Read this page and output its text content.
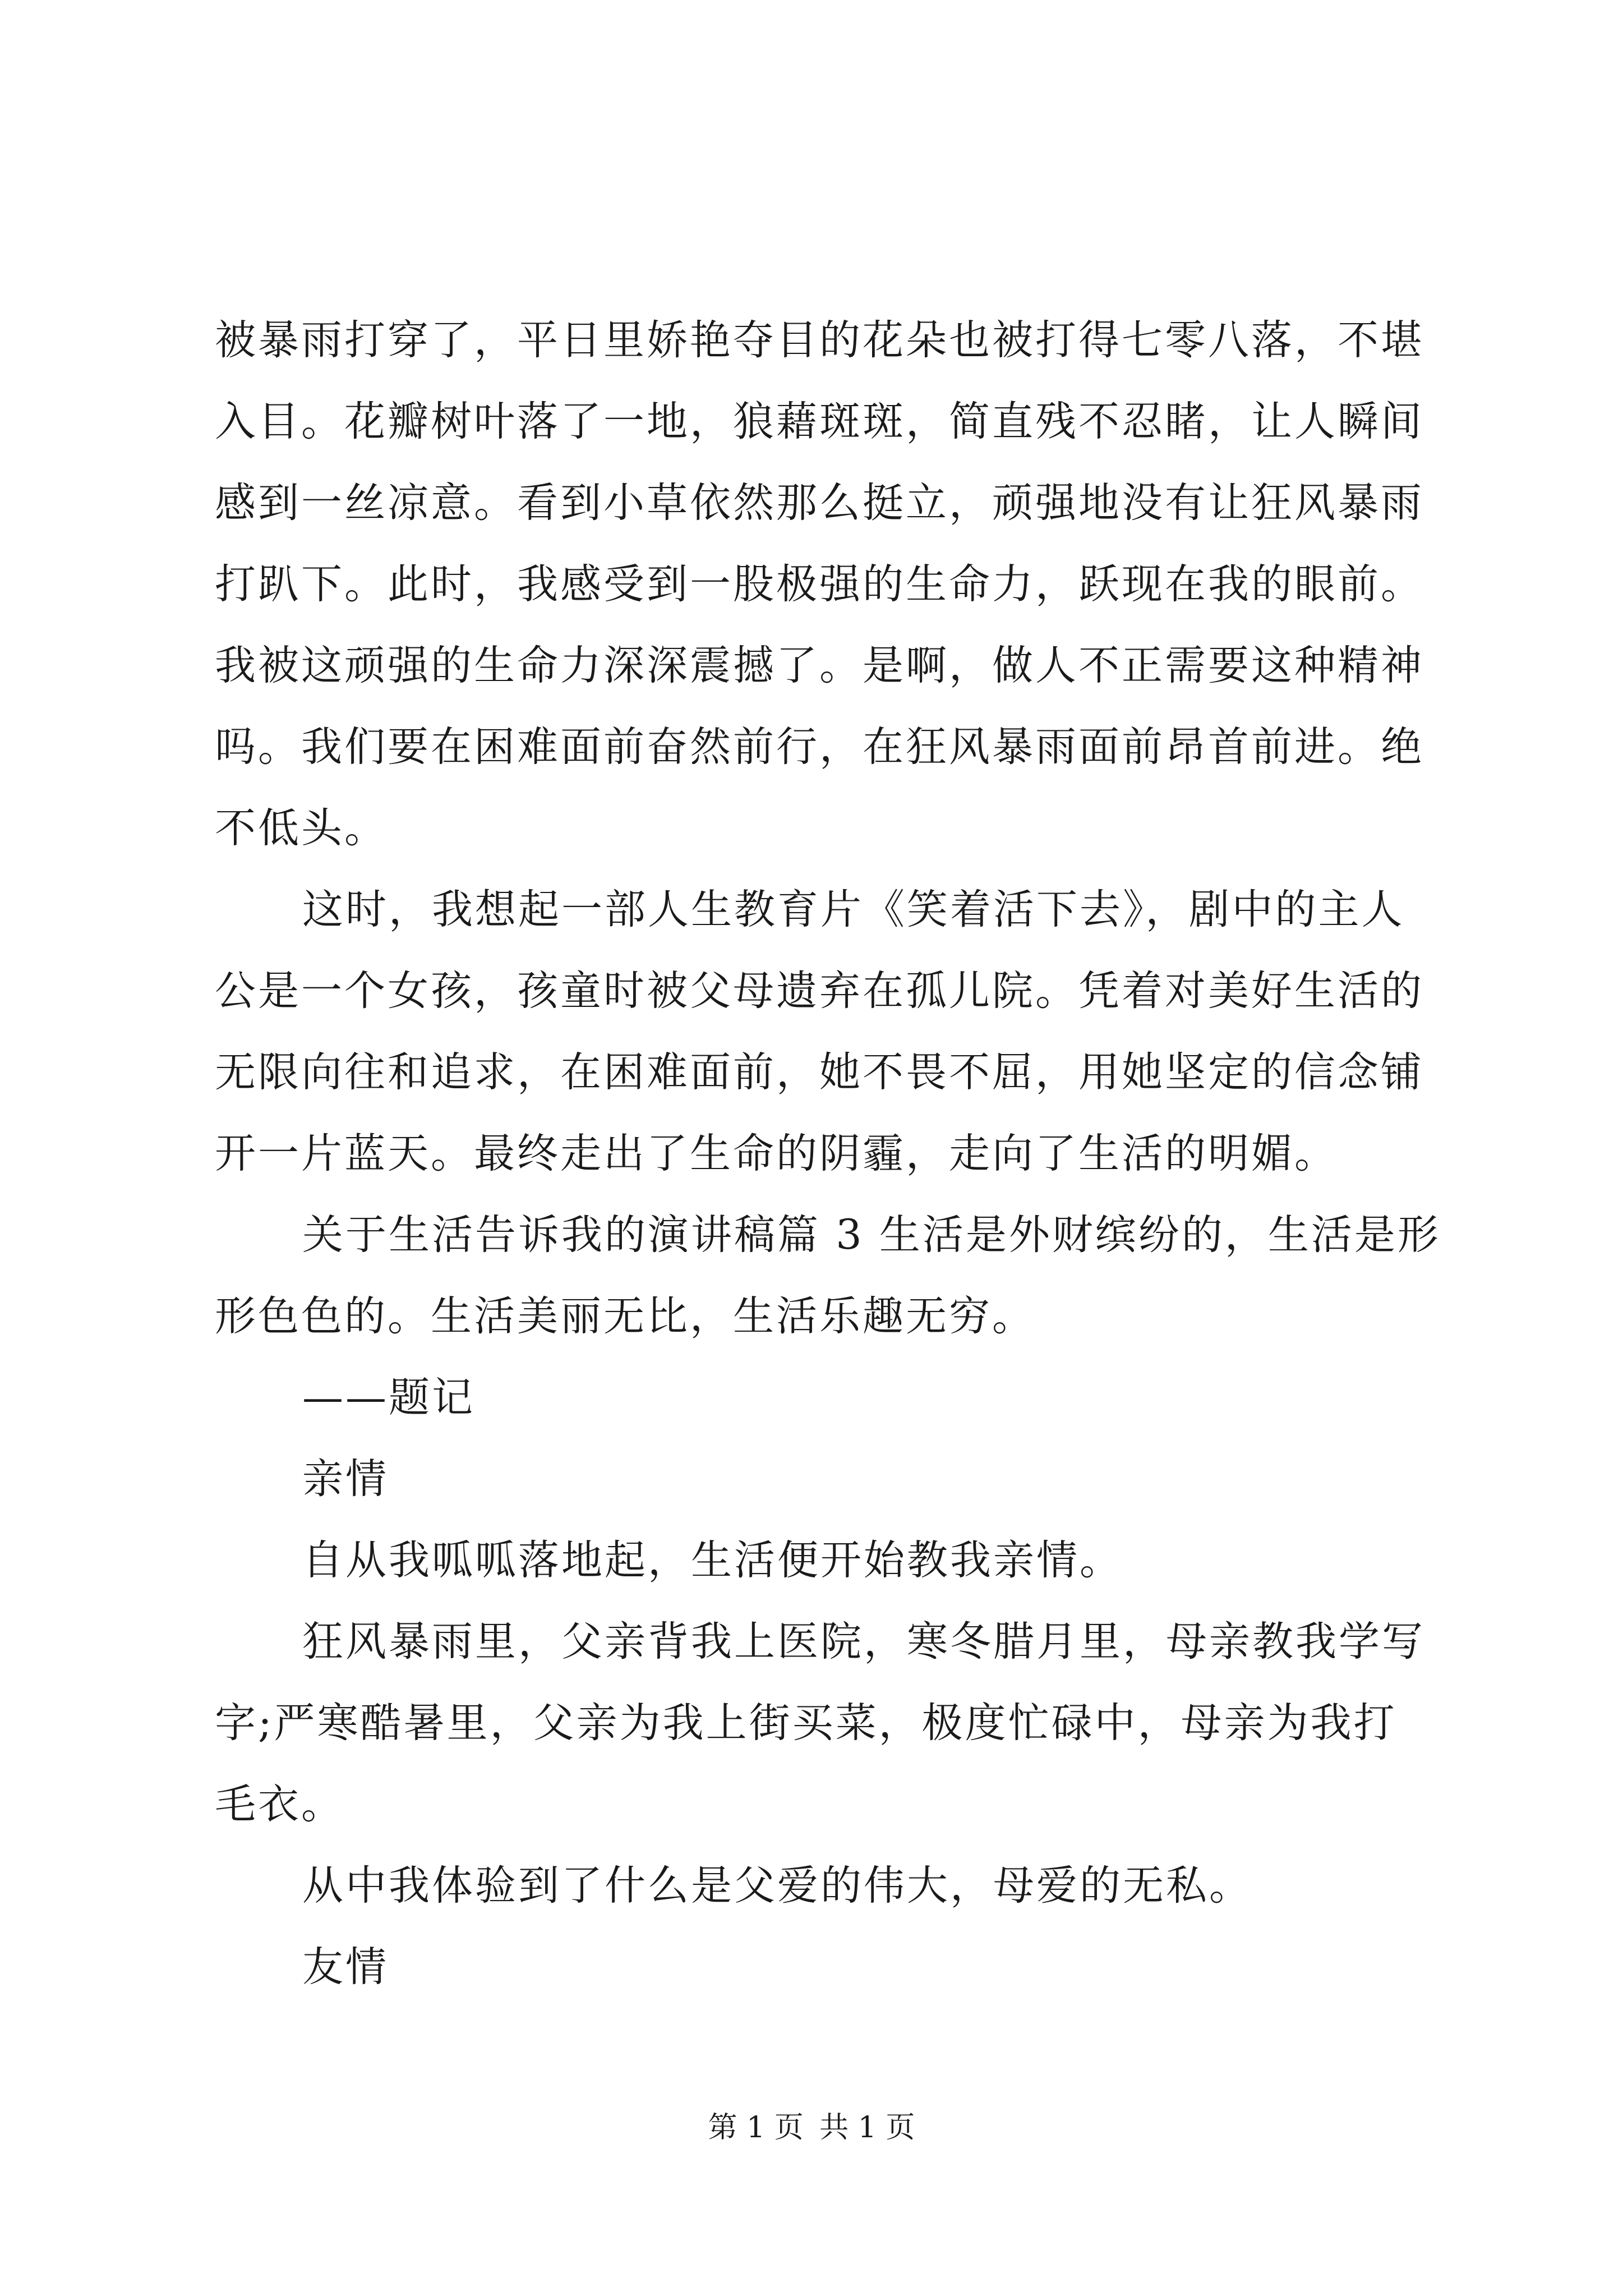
被暴雨打穿了，平日里娇艳夺目的花朵也被打得七零八落，不堪
入目。花瓣树叶落了一地，狼藉斑斑，简直残不忍睹，让人瞬间
感到一丝凉意。看到小草依然那么挺立，顽强地没有让狂风暴雨
打趴下。此时，我感受到一股极强的生命力，跃现在我的眼前。
我被这顽强的生命力深深震撼了。是啊，做人不正需要这种精神
吗。我们要在困难面前奋然前行，在狂风暴雨面前昂首前进。绝
不低头。
这时，我想起一部人生教育片《笑着活下去》，剧中的主人
公是一个女孩，孩童时被父母遗弃在孤儿院。凭着对美好生活的
无限向往和追求，在困难面前，她不畏不屈，用她坚定的信念铺
开一片蓝天。最终走出了生命的阴霾，走向了生活的明媚。
关于生活告诉我的演讲稿篇 3 生活是外财缤纷的，生活是形
形色色的。生活美丽无比，生活乐趣无穷。
——题记
亲情
自从我呱呱落地起，生活便开始教我亲情。
狂风暴雨里，父亲背我上医院，寒冬腊月里，母亲教我学写
字;严寒酷暑里，父亲为我上街买菜，极度忙碌中，母亲为我打
毛衣。
从中我体验到了什么是父爱的伟大，母爱的无私。
友情
第 1 页 共 1 页
